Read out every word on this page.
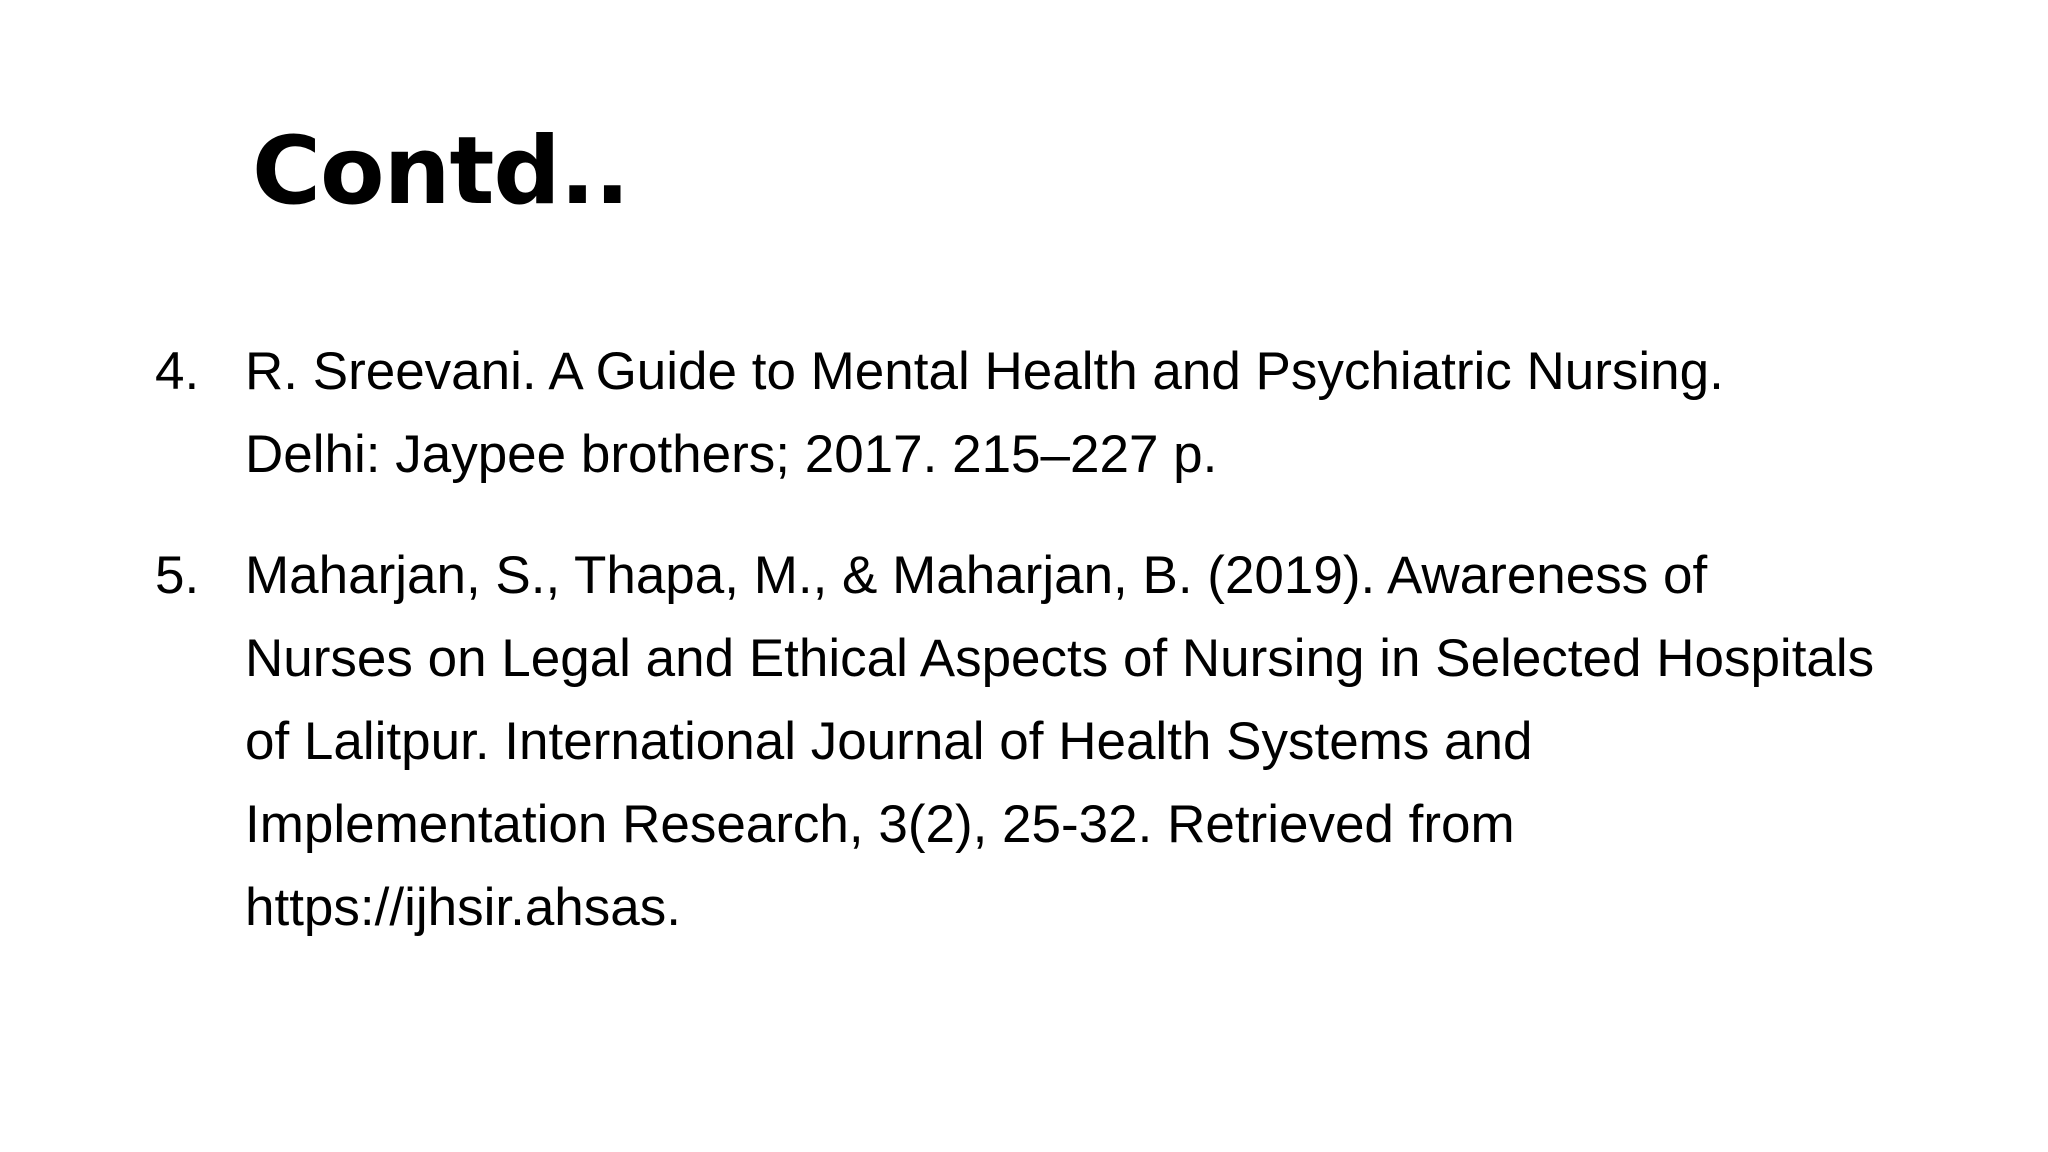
Contd..
4. R. Sreevani. A Guide to Mental Health and Psychiatric Nursing.
Delhi: Jaypee brothers; 2017. 215–227 p.
5. Maharjan, S., Thapa, M., & Maharjan, B. (2019). Awareness of
Nurses on Legal and Ethical Aspects of Nursing in Selected Hospitals
of Lalitpur. International Journal of Health Systems and
Implementation Research, 3(2), 25-32. Retrieved from
https://ijhsir.ahsas.
